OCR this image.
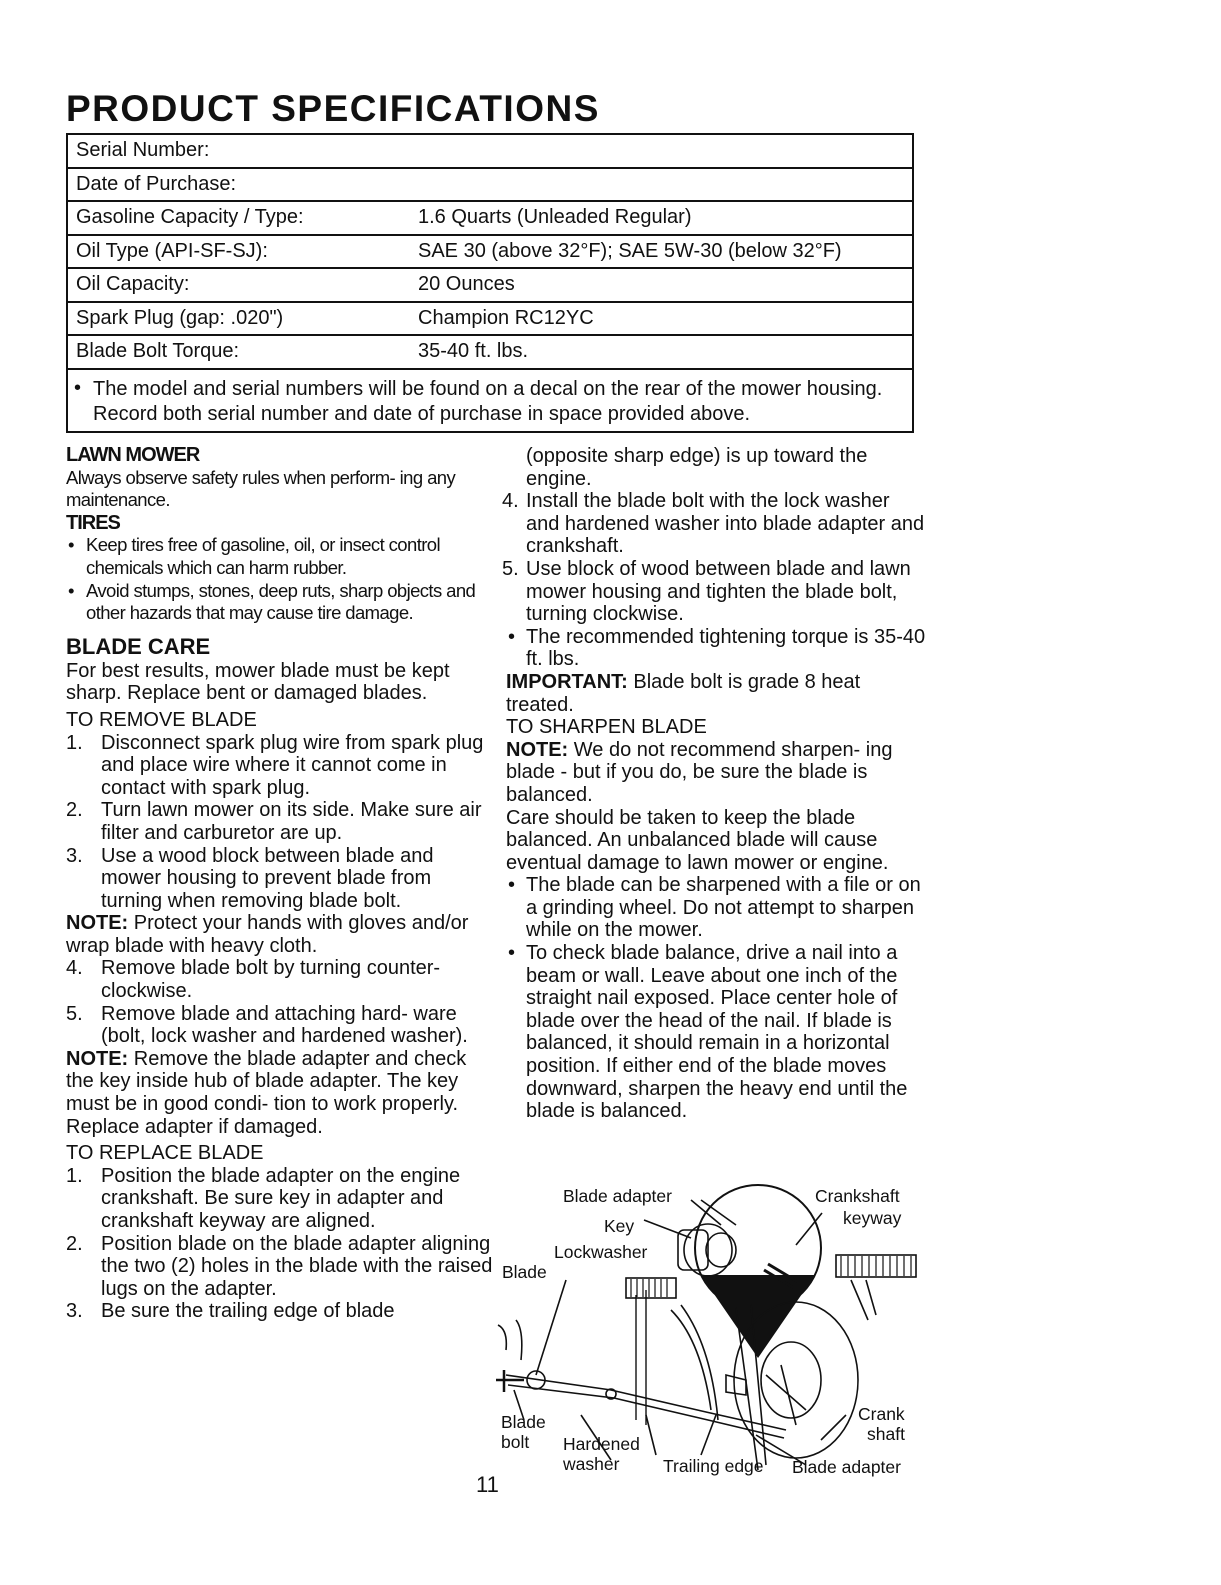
PRODUCT SPECIFICATIONS
Serial Number:
Date of Purchase:
Gasoline Capacity / Type:	1.6 Quarts (Unleaded Regular)
Oil Type (API-SF-SJ):	SAE 30 (above 32°F); SAE 5W-30 (below 32°F)
Oil Capacity:	20 Ounces
Spark Plug (gap: .020")	Champion RC12YC
Blade Bolt Torque:	35-40 ft. lbs.
• The model and serial numbers will be found on a decal on the rear of the mower housing. Record both serial number and date of purchase in space provided above.

LAWN MOWER

Always observe safety rules when perform- ing any maintenance.

TIRES

• Keep tires free of gasoline, oil, or insect control chemicals which can harm rubber.

• Avoid stumps, stones, deep ruts, sharp objects and other hazards that may cause tire damage.

BLADE CARE

For best results, mower blade must be kept sharp. Replace bent or damaged blades.

TO REMOVE BLADE

1. Disconnect spark plug wire from spark plug and place wire where it cannot come in contact with spark plug.

2. Turn lawn mower on its side. Make sure air filter and carburetor are up.

3. Use a wood block between blade and mower housing to prevent blade from turning when removing blade bolt.

NOTE: Protect your hands with gloves and/or wrap blade with heavy cloth.

4. Remove blade bolt by turning counter- clockwise.

5. Remove blade and attaching hard- ware (bolt, lock washer and hardened washer).

NOTE: Remove the blade adapter and check the key inside hub of blade adapter. The key must be in good condi- tion to work properly. Replace adapter if damaged.

TO REPLACE BLADE

1. Position the blade adapter on the engine crankshaft. Be sure key in adapter and crankshaft keyway are aligned.

2. Position blade on the blade adapter aligning the two (2) holes in the blade with the raised lugs on the adapter.

3. Be sure the trailing edge of blade

(opposite sharp edge) is up toward the engine.

4. Install the blade bolt with the lock washer and hardened washer into blade adapter and crankshaft.

5. Use block of wood between blade and lawn mower housing and tighten the blade bolt, turning clockwise.

• The recommended tightening torque is 35-40 ft. lbs.

IMPORTANT: Blade bolt is grade 8 heat treated.

TO SHARPEN BLADE

NOTE: We do not recommend sharpen- ing blade - but if you do, be sure the blade is balanced.

Care should be taken to keep the blade balanced. An unbalanced blade will cause eventual damage to lawn mower or engine.

• The blade can be sharpened with a file or on a grinding wheel. Do not attempt to sharpen while on the mower.

• To check blade balance, drive a nail into a beam or wall. Leave about one inch of the straight nail exposed. Place center hole of blade over the head of the nail. If blade is balanced, it should remain in a horizontal position. If either end of the blade moves downward, sharpen the heavy end until the blade is balanced.

Blade adapter	Crankshaft
keyway
Key
Lockwasher
Blade
Blade
bolt Hardened
washer Trailing edge Blade adapter
Crank
shaft
11
